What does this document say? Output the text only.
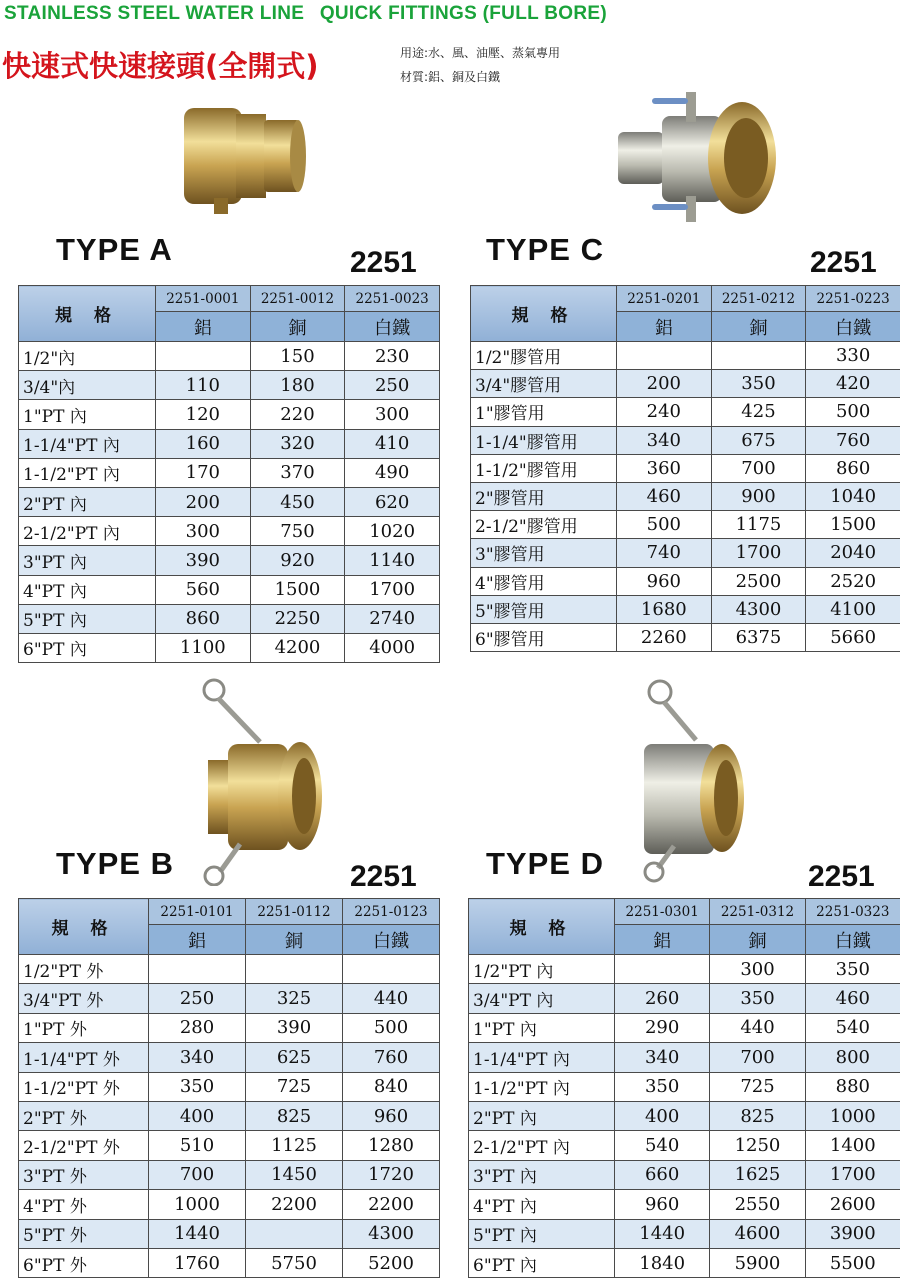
STAINLESS STEEL WATER LINE QUICK FITTINGS (FULL BORE)
快速式快速接頭(全開式)	用途:水、風、油壓、蒸氣專用
材質:鋁、銅及白鐵
TYPE A	2251 TYPE C	2251
TYPE B	2251 TYPE D	2251
規 格	2251-0001	2251-0012	2251-0023
	鋁	銅	白鐵
1/2"內		150	230
3/4"內	110	180	250
1"PT 內	120	220	300
1-1/4"PT 內	160	320	410
1-1/2"PT 內	170	370	490
2"PT 內	200	450	620
2-1/2"PT 內	300	750	1020
3"PT 內	390	920	1140
4"PT 內	560	1500	1700
5"PT 內	860	2250	2740
6"PT 內	1100	4200	4000
規 格	2251-0201	2251-0212	2251-0223
	鋁	銅	白鐵
1/2"膠管用			330
3/4"膠管用	200	350	420
1"膠管用	240	425	500
1-1/4"膠管用	340	675	760
1-1/2"膠管用	360	700	860
2"膠管用	460	900	1040
2-1/2"膠管用	500	1175	1500
3"膠管用	740	1700	2040
4"膠管用	960	2500	2520
5"膠管用	1680	4300	4100
6"膠管用	2260	6375	5660
規 格	2251-0101	2251-0112	2251-0123
	鋁	銅	白鐵
1/2"PT 外			
3/4"PT 外	250	325	440
1"PT 外	280	390	500
1-1/4"PT 外	340	625	760
1-1/2"PT 外	350	725	840
2"PT 外	400	825	960
2-1/2"PT 外	510	1125	1280
3"PT 外	700	1450	1720
4"PT 外	1000	2200	2200
5"PT 外	1440		4300
6"PT 外	1760	5750	5200
規 格	2251-0301	2251-0312	2251-0323
	鋁	銅	白鐵
1/2"PT 內		300	350
3/4"PT 內	260	350	460
1"PT 內	290	440	540
1-1/4"PT 內	340	700	800
1-1/2"PT 內	350	725	880
2"PT 內	400	825	1000
2-1/2"PT 內	540	1250	1400
3"PT 內	660	1625	1700
4"PT 內	960	2550	2600
5"PT 內	1440	4600	3900
6"PT 內	1840	5900	5500
